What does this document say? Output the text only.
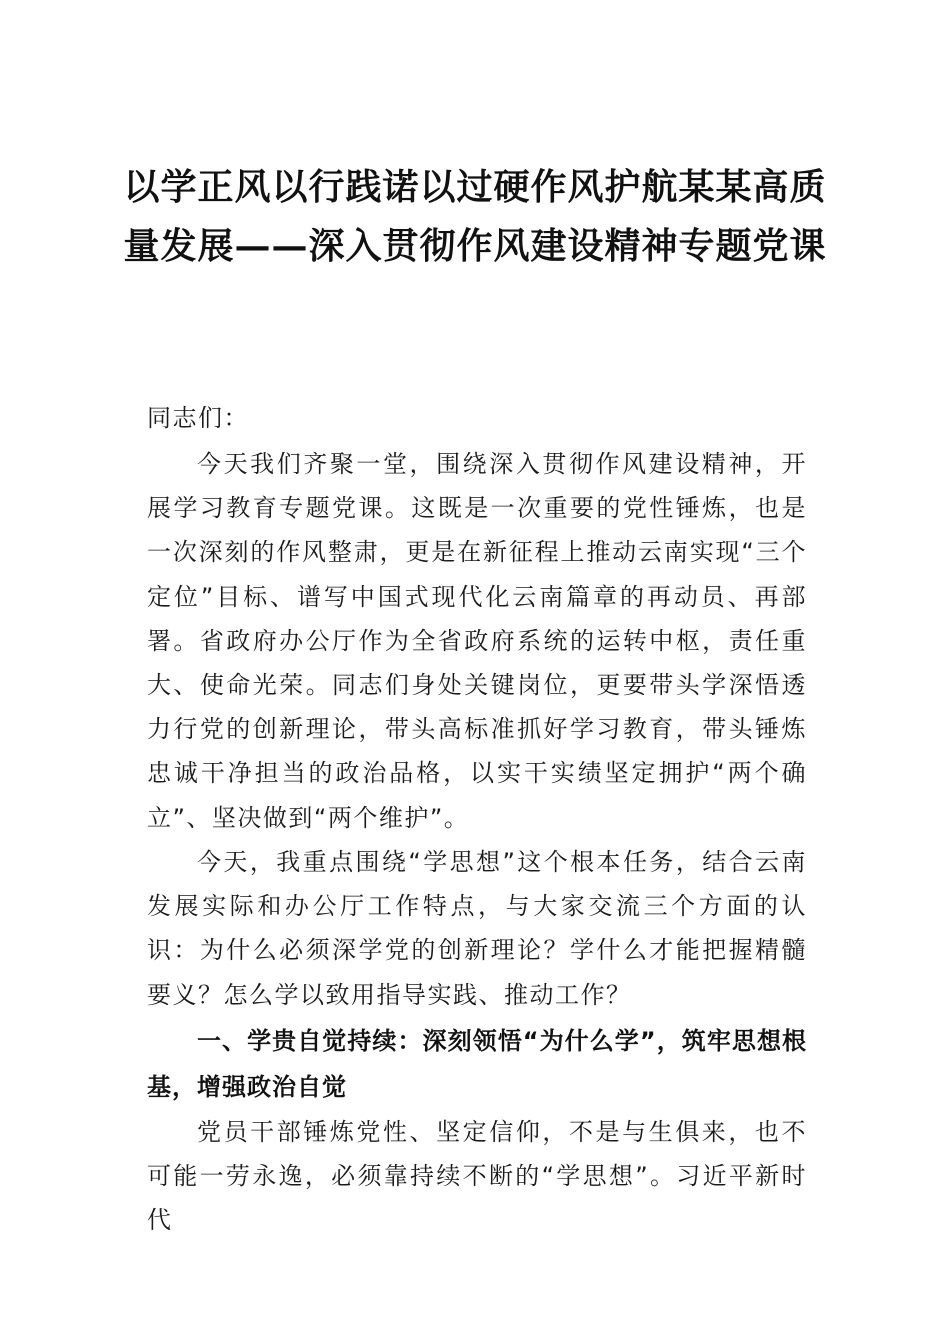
以学正风以行践诺以过硬作风护航某某高质量发展——深入贯彻作风建设精神专题党课

同志们：

今天我们齐聚一堂，围绕深入贯彻作风建设精神，开展学习教育专题党课。这既是一次重要的党性锤炼，也是一次深刻的作风整肃，更是在新征程上推动云南实现“三个定位”目标、谱写中国式现代化云南篇章的再动员、再部署。省政府办公厅作为全省政府系统的运转中枢，责任重大、使命光荣。同志们身处关键岗位，更要带头学深悟透力行党的创新理论，带头高标准抓好学习教育，带头锤炼忠诚干净担当的政治品格，以实干实绩坚定拥护“两个确立”、坚决做到“两个维护”。

今天，我重点围绕“学思想”这个根本任务，结合云南发展实际和办公厅工作特点，与大家交流三个方面的认识：为什么必须深学党的创新理论？学什么才能把握精髓要义？怎么学以致用指导实践、推动工作？

一、学贵自觉持续：深刻领悟“为什么学”，筑牢思想根基，增强政治自觉

党员干部锤炼党性、坚定信仰，不是与生俱来，也不可能一劳永逸，必须靠持续不断的“学思想”。习近平新时代
